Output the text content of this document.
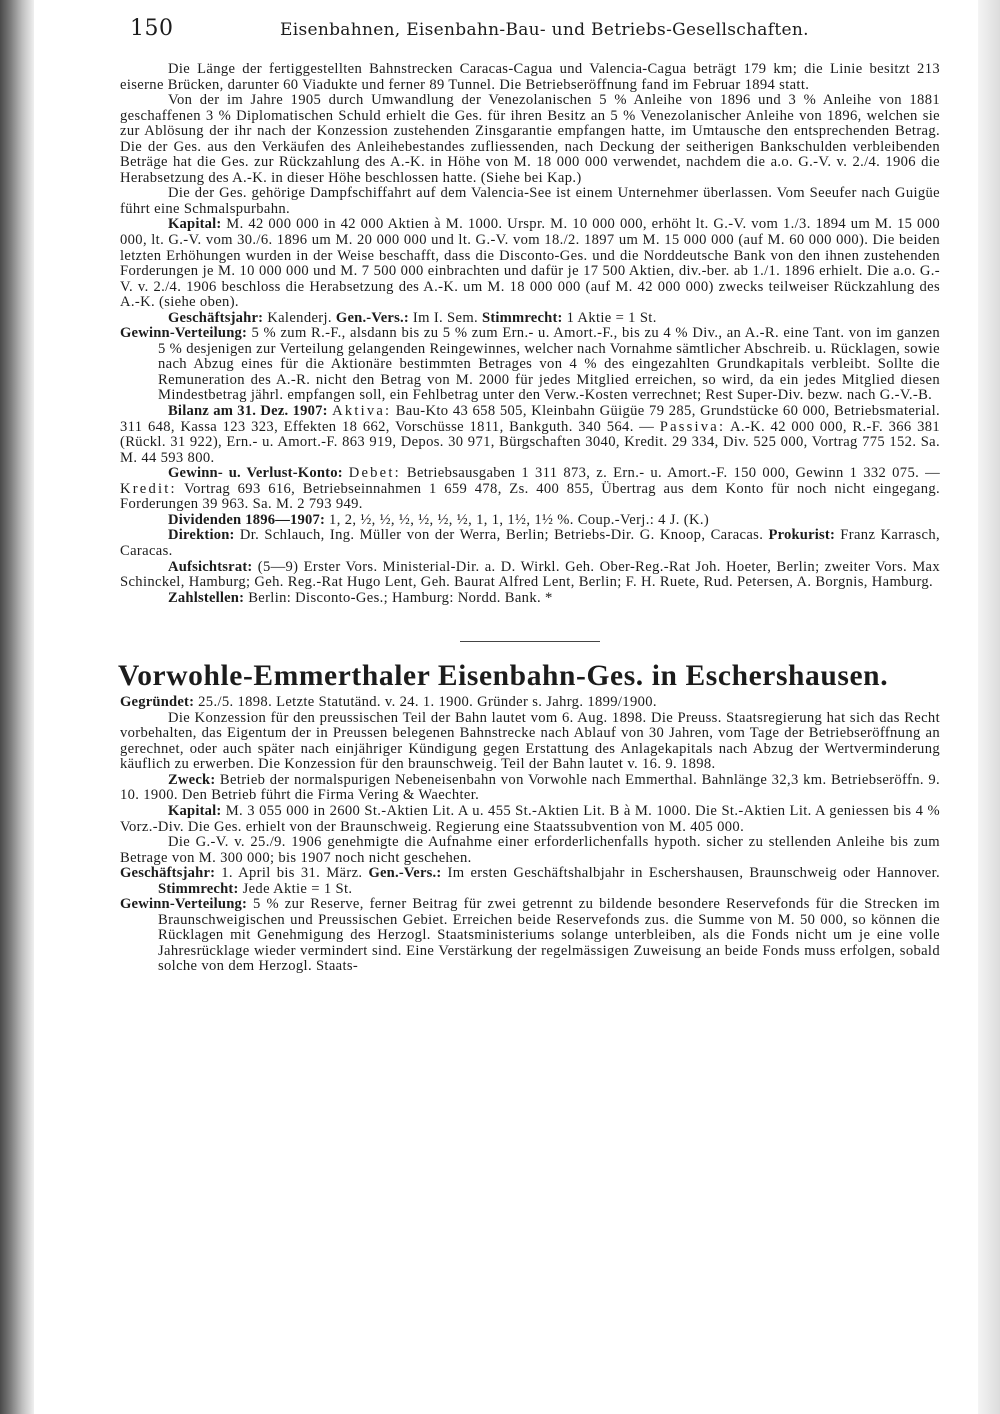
150	Eisenbahnen, Eisenbahn-Bau- und Betriebs-Gesellschaften.

Die Länge der fertiggestellten Bahnstrecken Caracas-Cagua und Valencia-Cagua beträgt 179 km; die Linie besitzt 213 eiserne Brücken, darunter 60 Viadukte und ferner 89 Tunnel. Die Betriebseröffnung fand im Februar 1894 statt.

Von der im Jahre 1905 durch Umwandlung der Venezolanischen 5 % Anleihe von 1896 und 3 % Anleihe von 1881 geschaffenen 3 % Diplomatischen Schuld erhielt die Ges. für ihren Besitz an 5 % Venezolanischer Anleihe von 1896, welchen sie zur Ablösung der ihr nach der Konzession zustehenden Zinsgarantie empfangen hatte, im Umtausche den entsprechenden Betrag. Die der Ges. aus den Verkäufen des Anleihebestandes zufliessenden, nach Deckung der seitherigen Bankschulden verbleibenden Beträge hat die Ges. zur Rückzahlung des A.-K. in Höhe von M. 18 000 000 verwendet, nachdem die a.o. G.-V. v. 2./4. 1906 die Herabsetzung des A.-K. in dieser Höhe beschlossen hatte. (Siehe bei Kap.)

Die der Ges. gehörige Dampfschiffahrt auf dem Valencia-See ist einem Unternehmer überlassen. Vom Seeufer nach Guigüe führt eine Schmalspurbahn.

Kapital: M. 42 000 000 in 42 000 Aktien à M. 1000. Urspr. M. 10 000 000, erhöht lt. G.-V. vom 1./3. 1894 um M. 15 000 000, lt. G.-V. vom 30./6. 1896 um M. 20 000 000 und lt. G.-V. vom 18./2. 1897 um M. 15 000 000 (auf M. 60 000 000). Die beiden letzten Erhöhungen wurden in der Weise beschafft, dass die Disconto-Ges. und die Norddeutsche Bank von den ihnen zustehenden Forderungen je M. 10 000 000 und M. 7 500 000 einbrachten und dafür je 17 500 Aktien, div.-ber. ab 1./1. 1896 erhielt. Die a.o. G.-V. v. 2./4. 1906 beschloss die Herabsetzung des A.-K. um M. 18 000 000 (auf M. 42 000 000) zwecks teilweiser Rückzahlung des A.-K. (siehe oben).

Geschäftsjahr: Kalenderj. Gen.-Vers.: Im I. Sem. Stimmrecht: 1 Aktie = 1 St.

Gewinn-Verteilung: 5 % zum R.-F., alsdann bis zu 5 % zum Ern.- u. Amort.-F., bis zu 4 % Div., an A.-R. eine Tant. von im ganzen 5 % desjenigen zur Verteilung gelangenden Reingewinnes, welcher nach Vornahme sämtlicher Abschreib. u. Rücklagen, sowie nach Abzug eines für die Aktionäre bestimmten Betrages von 4 % des eingezahlten Grundkapitals verbleibt. Sollte die Remuneration des A.-R. nicht den Betrag von M. 2000 für jedes Mitglied erreichen, so wird, da ein jedes Mitglied diesen Mindestbetrag jährl. empfangen soll, ein Fehlbetrag unter den Verw.-Kosten verrechnet; Rest Super-Div. bezw. nach G.-V.-B.

Bilanz am 31. Dez. 1907: Aktiva: Bau-Kto 43 658 505, Kleinbahn Güigüe 79 285, Grundstücke 60 000, Betriebsmaterial. 311 648, Kassa 123 323, Effekten 18 662, Vorschüsse 1811, Bankguth. 340 564. — Passiva: A.-K. 42 000 000, R.-F. 366 381 (Rückl. 31 922), Ern.- u. Amort.-F. 863 919, Depos. 30 971, Bürgschaften 3040, Kredit. 29 334, Div. 525 000, Vortrag 775 152. Sa. M. 44 593 800.

Gewinn- u. Verlust-Konto: Debet: Betriebsausgaben 1 311 873, z. Ern.- u. Amort.-F. 150 000, Gewinn 1 332 075. — Kredit: Vortrag 693 616, Betriebseinnahmen 1 659 478, Zs. 400 855, Übertrag aus dem Konto für noch nicht eingegang. Forderungen 39 963. Sa. M. 2 793 949.

Dividenden 1896—1907: 1, 2, ½, ½, ½, ½, ½, ½, 1, 1, 1½, 1½ %. Coup.-Verj.: 4 J. (K.)

Direktion: Dr. Schlauch, Ing. Müller von der Werra, Berlin; Betriebs-Dir. G. Knoop, Caracas. Prokurist: Franz Karrasch, Caracas.

Aufsichtsrat: (5—9) Erster Vors. Ministerial-Dir. a. D. Wirkl. Geh. Ober-Reg.-Rat Joh. Hoeter, Berlin; zweiter Vors. Max Schinckel, Hamburg; Geh. Reg.-Rat Hugo Lent, Geh. Baurat Alfred Lent, Berlin; F. H. Ruete, Rud. Petersen, A. Borgnis, Hamburg.

Zahlstellen: Berlin: Disconto-Ges.; Hamburg: Nordd. Bank. *

Vorwohle-Emmerthaler Eisenbahn-Ges. in Eschershausen.

Gegründet: 25./5. 1898. Letzte Statutänd. v. 24. 1. 1900. Gründer s. Jahrg. 1899/1900.

Die Konzession für den preussischen Teil der Bahn lautet vom 6. Aug. 1898. Die Preuss. Staatsregierung hat sich das Recht vorbehalten, das Eigentum der in Preussen belegenen Bahnstrecke nach Ablauf von 30 Jahren, vom Tage der Betriebseröffnung an gerechnet, oder auch später nach einjähriger Kündigung gegen Erstattung des Anlagekapitals nach Abzug der Wertverminderung käuflich zu erwerben. Die Konzession für den braunschweig. Teil der Bahn lautet v. 16. 9. 1898.

Zweck: Betrieb der normalspurigen Nebeneisenbahn von Vorwohle nach Emmerthal. Bahnlänge 32,3 km. Betriebseröffn. 9. 10. 1900. Den Betrieb führt die Firma Vering & Waechter.

Kapital: M. 3 055 000 in 2600 St.-Aktien Lit. A u. 455 St.-Aktien Lit. B à M. 1000. Die St.-Aktien Lit. A geniessen bis 4 % Vorz.-Div. Die Ges. erhielt von der Braunschweig. Regierung eine Staatssubvention von M. 405 000.

Die G.-V. v. 25./9. 1906 genehmigte die Aufnahme einer erforderlichenfalls hypoth. sicher zu stellenden Anleihe bis zum Betrage von M. 300 000; bis 1907 noch nicht geschehen.

Geschäftsjahr: 1. April bis 31. März. Gen.-Vers.: Im ersten Geschäftshalbjahr in Eschershausen, Braunschweig oder Hannover. Stimmrecht: Jede Aktie = 1 St.

Gewinn-Verteilung: 5 % zur Reserve, ferner Beitrag für zwei getrennt zu bildende besondere Reservefonds für die Strecken im Braunschweigischen und Preussischen Gebiet. Erreichen beide Reservefonds zus. die Summe von M. 50 000, so können die Rücklagen mit Genehmigung des Herzogl. Staatsministeriums solange unterbleiben, als die Fonds nicht um je eine volle Jahresrücklage wieder vermindert sind. Eine Verstärkung der regelmässigen Zuweisung an beide Fonds muss erfolgen, sobald solche von dem Herzogl. Staats-
